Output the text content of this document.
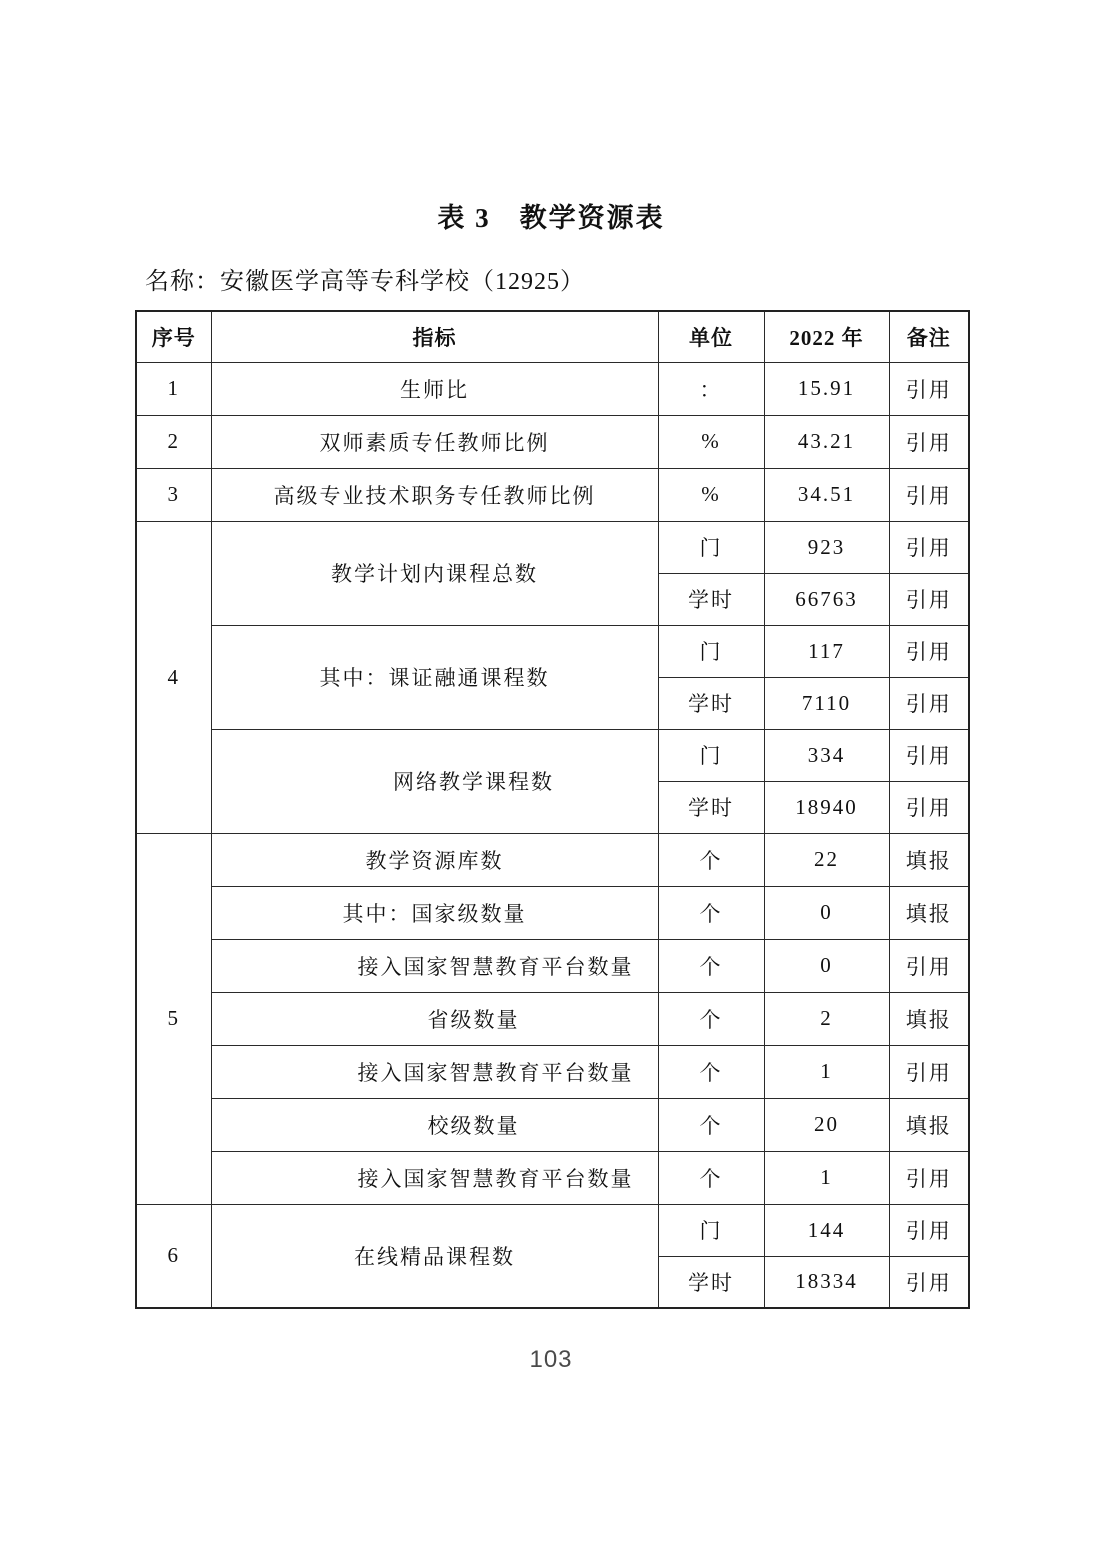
表 3　教学资源表
名称：安徽医学高等专科学校（12925）
序号	指标	单位	2022 年	备注
1	生师比	：	15.91	引用
2	双师素质专任教师比例	%	43.21	引用
3	高级专业技术职务专任教师比例	%	34.51	引用
4	教学计划内课程总数	门	923	引用
		学时	66763	引用
	其中：课证融通课程数	门	117	引用
		学时	7110	引用
	网络教学课程数	门	334	引用
		学时	18940	引用
5	教学资源库数	个	22	填报
	其中：国家级数量	个	0	填报
	接入国家智慧教育平台数量	个	0	引用
	省级数量	个	2	填报
	接入国家智慧教育平台数量	个	1	引用
	校级数量	个	20	填报
	接入国家智慧教育平台数量	个	1	引用
6	在线精品课程数	门	144	引用
		学时	18334	引用
103
